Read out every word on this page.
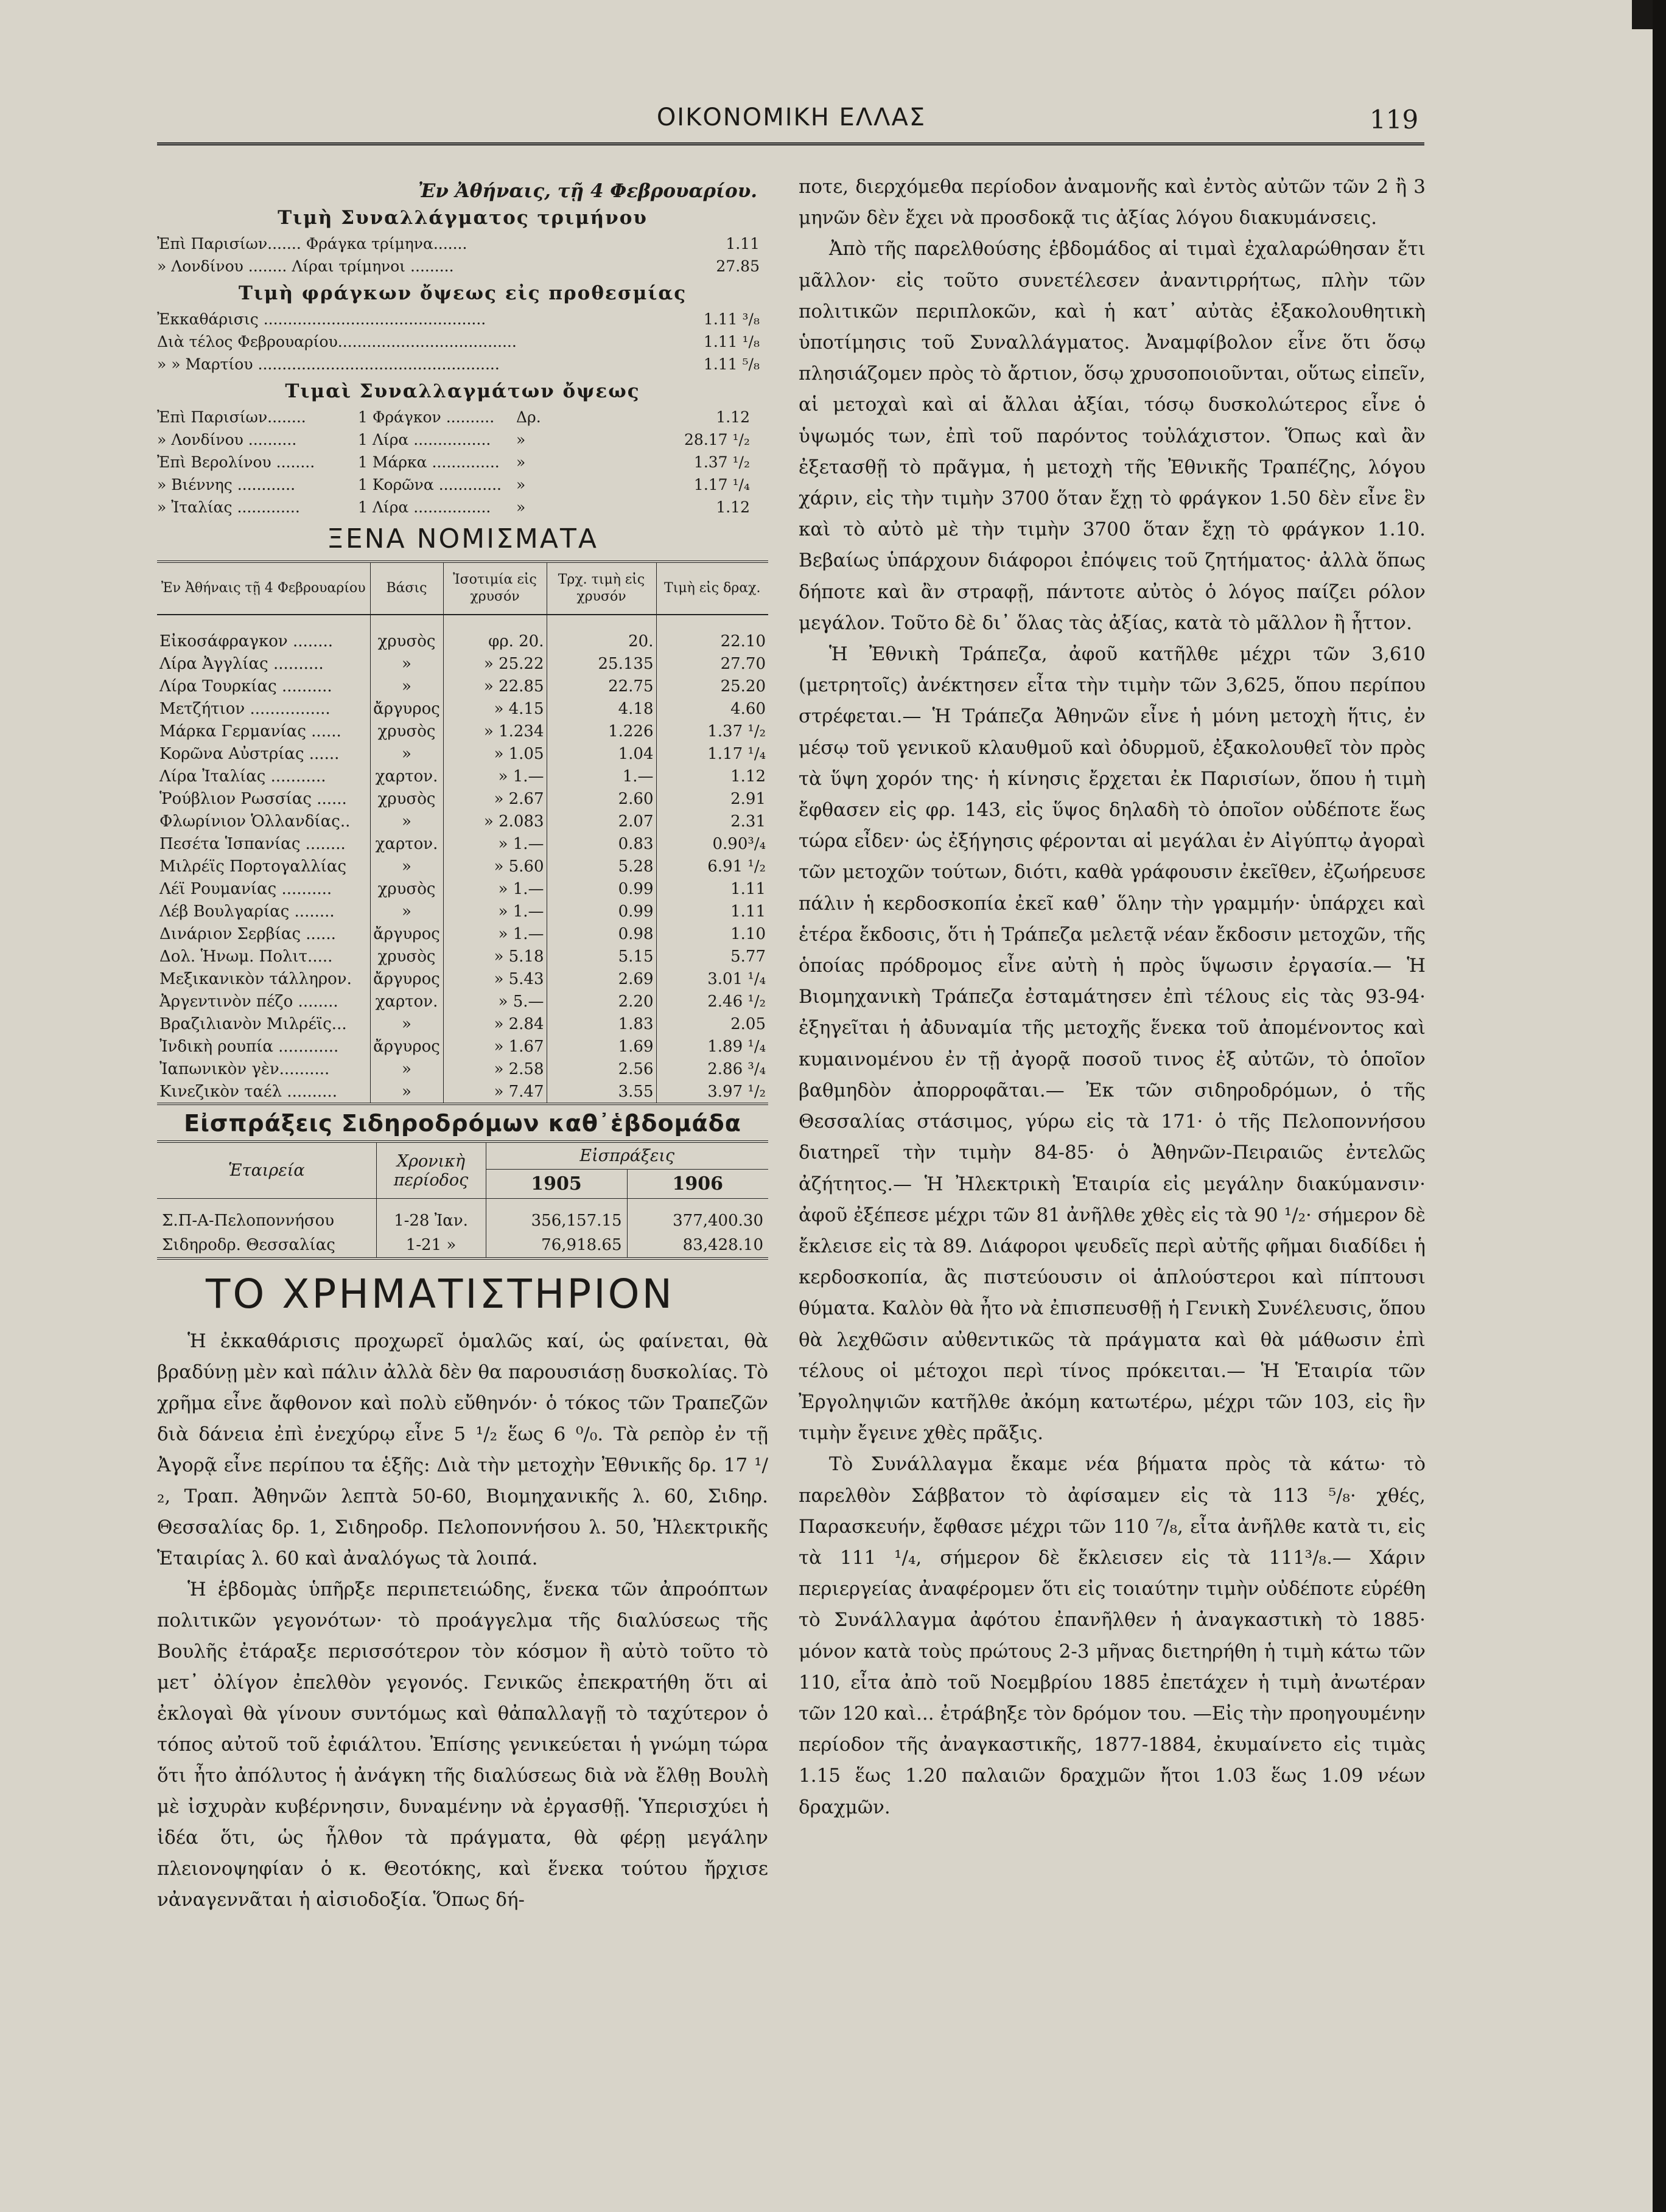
ΟΙΚΟΝΟΜΙΚΗ ΕΛΛΑΣ	119
Ἐν Ἀθήναις, τῇ 4 Φεβρουαρίου.
Τιμὴ Συναλλάγματος τριμήνου
Ἐπὶ Παρισίων....... Φράγκα τρίμηνα.......	1.11
» Λονδίνου ........ Λίραι τρίμηνοι .........	27.85
Τιμὴ φράγκων ὄψεως εἰς προθεσμίας
Ἐκκαθάρισις ..............................................	1.11 ³/₈
Διὰ τέλος Φεβρουαρίου.....................................	1.11 ¹/₈
» » Μαρτίου ..................................................	1.11 ⁵/₈
Τιμαὶ Συναλλαγμάτων ὄψεως
Ἐπὶ Παρισίων........	1 Φράγκον ..........	Δρ.	1.12
» Λονδίνου ..........	1 Λίρα ................	»	28.17 ¹/₂
Ἐπὶ Βερολίνου ........	1 Μάρκα ..............	»	1.37 ¹/₂
» Βιέννης ............	1 Κορῶνα ............. »	1.17 ¹/₄
» Ἰταλίας .............	1 Λίρα ................	»	1.12
ΞΕΝΑ ΝΟΜΙΣΜΑΤΑ
Ἐν Ἀθήναις τῇ 4 Φεβρουαρίου	Βάσις	Ἰσοτιμία εἰς χρυσόν	Τρχ. τιμὴ εἰς χρυσόν	Τιμὴ εἰς δραχ.
Εἰκοσάφραγκον ........	χρυσὸς	φρ. 20.	20.	22.10
Λίρα Ἀγγλίας ..........	»	» 25.22	25.135	27.70
Λίρα Τουρκίας ..........	»	» 22.85	22.75	25.20
Μετζήτιον ................	ἄργυρος	» 4.15	4.18	4.60
Μάρκα Γερμανίας ......	χρυσὸς	» 1.234	1.226	1.37 ¹/₂
Κορῶνα Αὐστρίας ......	»	» 1.05	1.04	1.17 ¹/₄
Λίρα Ἰταλίας ...........	χαρτον.	» 1.—	1.—	1.12
Ῥούβλιον Ρωσσίας ......	χρυσὸς	» 2.67	2.60	2.91
Φλωρίνιον Ὁλλανδίας..	»	» 2.083	2.07	2.31
Πεσέτα Ἱσπανίας ........	χαρτον.	» 1.—	0.83	0.90³/₄
Μιλρέϊς Πορτογαλλίας	»	» 5.60	5.28	6.91 ¹/₂
Λέϊ Ρουμανίας ..........	χρυσὸς	» 1.—	0.99	1.11
Λέβ Βουλγαρίας ........	»	» 1.—	0.99	1.11
Δινάριον Σερβίας ......	ἄργυρος	» 1.—	0.98	1.10
Δολ. Ἡνωμ. Πολιτ.....	χρυσὸς	» 5.18	5.15	5.77
Μεξικανικὸν τάλληρον.	ἄργυρος	» 5.43	2.69	3.01 ¹/₄
Ἀργεντινὸν πέζο ........	χαρτον.	» 5.—	2.20	2.46 ¹/₂
Βραζιλιανὸν Μιλρέϊς...	»	» 2.84	1.83	2.05
Ἰνδικὴ ρουπία ............	ἄργυρος	» 1.67	1.69	1.89 ¹/₄
Ἰαπωνικὸν γὲν..........	»	» 2.58	2.56	2.86 ³/₄
Κινεζικὸν ταέλ ..........	»	» 7.47	3.55	3.97 ¹/₂
Εἰσπράξεις Σιδηροδρόμων καθ᾿ἑβδομάδα
Ἑταιρεία	Χρονικὴ περίοδος	Εἰσπράξεις	
		1905	1906
Σ.Π-Α-Πελοποννήσου	1-28 Ἰαν.	356,157.15	377,400.30
Σιδηροδρ. Θεσσαλίας	1-21 »	76,918.65	83,428.10
ΤΟ ΧΡΗΜΑΤΙΣΤΗΡΙΟΝ

Ἡ ἐκκαθάρισις προχωρεῖ ὁμαλῶς καί, ὡς φαίνεται, θὰ βραδύνῃ μὲν καὶ πάλιν ἀλλὰ δὲν θα παρουσιάσῃ δυσκολίας. Τὸ χρῆμα εἶνε ἄφθονον καὶ πολὺ εὔθηνόν· ὁ τόκος τῶν Τραπεζῶν διὰ δάνεια ἐπὶ ἐνεχύρῳ εἶνε 5 ¹/₂ ἕως 6 ⁰/₀. Τὰ ρεπὸρ ἐν τῇ Ἀγορᾷ εἶνε περίπου τα ἑξῆς: Διὰ τὴν μετοχὴν Ἐθνικῆς δρ. 17 ¹/₂, Τραπ. Ἀθηνῶν λεπτὰ 50-60, Βιομηχανικῆς λ. 60, Σιδηρ. Θεσσαλίας δρ. 1, Σιδηροδρ. Πελοποννήσου λ. 50, Ἠλεκτρικῆς Ἑταιρίας λ. 60 καὶ ἀναλόγως τὰ λοιπά.

Ἡ ἑβδομὰς ὑπῆρξε περιπετειώδης, ἕνεκα τῶν ἀπροόπτων πολιτικῶν γεγονότων· τὸ προάγγελμα τῆς διαλύσεως τῆς Βουλῆς ἐτάραξε περισσότερον τὸν κόσμον ἢ αὐτὸ τοῦτο τὸ μετ᾿ ὀλίγον ἐπελθὸν γεγονός. Γενικῶς ἐπεκρατήθη ὅτι αἱ ἐκλογαὶ θὰ γίνουν συντόμως καὶ θἀπαλλαγῇ τὸ ταχύτερον ὁ τόπος αὐτοῦ τοῦ ἐφιάλτου. Ἐπίσης γενικεύεται ἡ γνώμη τώρα ὅτι ἦτο ἀπόλυτος ἡ ἀνάγκη τῆς διαλύσεως διὰ νὰ ἔλθῃ Βουλὴ μὲ ἰσχυρὰν κυβέρνησιν, δυναμένην νὰ ἐργασθῇ. Ὑπερισχύει ἡ ἰδέα ὅτι, ὡς ἦλθον τὰ πράγματα, θὰ φέρῃ μεγάλην πλειονοψηφίαν ὁ κ. Θεοτόκης, καὶ ἕνεκα τούτου ἤρχισε νἀναγεννᾶται ἡ αἰσιοδοξία. Ὅπως δή-

ποτε, διερχόμεθα περίοδον ἀναμονῆς καὶ ἐντὸς αὐτῶν τῶν 2 ἢ 3 μηνῶν δὲν ἔχει νὰ προσδοκᾷ τις ἀξίας λόγου διακυμάνσεις.

Ἀπὸ τῆς παρελθούσης ἑβδομάδος αἱ τιμαὶ ἐχαλαρώθησαν ἔτι μᾶλλον· εἰς τοῦτο συνετέλεσεν ἀναντιρρήτως, πλὴν τῶν πολιτικῶν περιπλοκῶν, καὶ ἡ κατ᾿ αὐτὰς ἐξακολουθητικὴ ὑποτίμησις τοῦ Συναλλάγματος. Ἀναμφίβολον εἶνε ὅτι ὅσῳ πλησιάζομεν πρὸς τὸ ἄρτιον, ὅσῳ χρυσοποιοῦνται, οὕτως εἰπεῖν, αἱ μετοχαὶ καὶ αἱ ἄλλαι ἀξίαι, τόσῳ δυσκολώτερος εἶνε ὁ ὑψωμός των, ἐπὶ τοῦ παρόντος τοὐλάχιστον. Ὅπως καὶ ἂν ἐξετασθῇ τὸ πρᾶγμα, ἡ μετοχὴ τῆς Ἐθνικῆς Τραπέζης, λόγου χάριν, εἰς τὴν τιμὴν 3700 ὅταν ἔχῃ τὸ φράγκον 1.50 δὲν εἶνε ἓν καὶ τὸ αὐτὸ μὲ τὴν τιμὴν 3700 ὅταν ἔχῃ τὸ φράγκον 1.10. Βεβαίως ὑπάρχουν διάφοροι ἐπόψεις τοῦ ζητήματος· ἀλλὰ ὅπως δήποτε καὶ ἂν στραφῇ, πάντοτε αὐτὸς ὁ λόγος παίζει ρόλον μεγάλον. Τοῦτο δὲ δι᾿ ὅλας τὰς ἀξίας, κατὰ τὸ μᾶλλον ἢ ἧττον.

Ἡ Ἐθνικὴ Τράπεζα, ἀφοῦ κατῆλθε μέχρι τῶν 3,610 (μετρητοῖς) ἀνέκτησεν εἶτα τὴν τιμὴν τῶν 3,625, ὅπου περίπου στρέφεται.— Ἡ Τράπεζα Ἀθηνῶν εἶνε ἡ μόνη μετοχὴ ἥτις, ἐν μέσῳ τοῦ γενικοῦ κλαυθμοῦ καὶ ὀδυρμοῦ, ἐξακολουθεῖ τὸν πρὸς τὰ ὕψη χορόν της· ἡ κίνησις ἔρχεται ἐκ Παρισίων, ὅπου ἡ τιμὴ ἔφθασεν εἰς φρ. 143, εἰς ὕψος δηλαδὴ τὸ ὁποῖον οὐδέποτε ἕως τώρα εἶδεν· ὡς ἐξήγησις φέρονται αἱ μεγάλαι ἐν Αἰγύπτῳ ἀγοραὶ τῶν μετοχῶν τούτων, διότι, καθὰ γράφουσιν ἐκεῖθεν, ἐζωήρευσε πάλιν ἡ κερδοσκοπία ἐκεῖ καθ᾿ ὅλην τὴν γραμμήν· ὑπάρχει καὶ ἑτέρα ἔκδοσις, ὅτι ἡ Τράπεζα μελετᾷ νέαν ἔκδοσιν μετοχῶν, τῆς ὁποίας πρόδρομος εἶνε αὐτὴ ἡ πρὸς ὕψωσιν ἐργασία.— Ἡ Βιομηχανικὴ Τράπεζα ἐσταμάτησεν ἐπὶ τέλους εἰς τὰς 93-94· ἐξηγεῖται ἡ ἀδυναμία τῆς μετοχῆς ἕνεκα τοῦ ἀπομένοντος καὶ κυμαινομένου ἐν τῇ ἀγορᾷ ποσοῦ τινος ἐξ αὐτῶν, τὸ ὁποῖον βαθμηδὸν ἀπορροφᾶται.— Ἐκ τῶν σιδηροδρόμων, ὁ τῆς Θεσσαλίας στάσιμος, γύρω εἰς τὰ 171· ὁ τῆς Πελοποννήσου διατηρεῖ τὴν τιμὴν 84-85· ὁ Ἀθηνῶν-Πειραιῶς ἐντελῶς ἀζήτητος.— Ἡ Ἠλεκτρικὴ Ἑταιρία εἰς μεγάλην διακύμανσιν· ἀφοῦ ἐξέπεσε μέχρι τῶν 81 ἀνῆλθε χθὲς εἰς τὰ 90 ¹/₂· σήμερον δὲ ἔκλεισε εἰς τὰ 89. Διάφοροι ψευδεῖς περὶ αὐτῆς φῆμαι διαδίδει ἡ κερδοσκοπία, ἂς πιστεύουσιν οἱ ἁπλούστεροι καὶ πίπτουσι θύματα. Καλὸν θὰ ἦτο νὰ ἐπισπευσθῇ ἡ Γενικὴ Συνέλευσις, ὅπου θὰ λεχθῶσιν αὐθεντικῶς τὰ πράγματα καὶ θὰ μάθωσιν ἐπὶ τέλους οἱ μέτοχοι περὶ τίνος πρόκειται.— Ἡ Ἑταιρία τῶν Ἐργοληψιῶν κατῆλθε ἀκόμη κατωτέρω, μέχρι τῶν 103, εἰς ἣν τιμὴν ἔγεινε χθὲς πρᾶξις.

Τὸ Συνάλλαγμα ἔκαμε νέα βήματα πρὸς τὰ κάτω· τὸ παρελθὸν Σάββατον τὸ ἀφίσαμεν εἰς τὰ 113 ⁵/₈· χθές, Παρασκευήν, ἔφθασε μέχρι τῶν 110 ⁷/₈, εἶτα ἀνῆλθε κατὰ τι, εἰς τὰ 111 ¹/₄, σήμερον δὲ ἔκλεισεν εἰς τὰ 111³/₈.— Χάριν περιεργείας ἀναφέρομεν ὅτι εἰς τοιαύτην τιμὴν οὐδέποτε εὑρέθη τὸ Συνάλλαγμα ἀφότου ἐπανῆλθεν ἡ ἀναγκαστικὴ τὸ 1885· μόνον κατὰ τοὺς πρώτους 2-3 μῆνας διετηρήθη ἡ τιμὴ κάτω τῶν 110, εἶτα ἀπὸ τοῦ Νοεμβρίου 1885 ἐπετάχεν ἡ τιμὴ ἀνωτέραν τῶν 120 καὶ... ἐτράβηξε τὸν δρόμον του. —Εἰς τὴν προηγουμένην περίοδον τῆς ἀναγκαστικῆς, 1877-1884, ἐκυμαίνετο εἰς τιμὰς 1.15 ἕως 1.20 παλαιῶν δραχμῶν ἤτοι 1.03 ἕως 1.09 νέων δραχμῶν.
